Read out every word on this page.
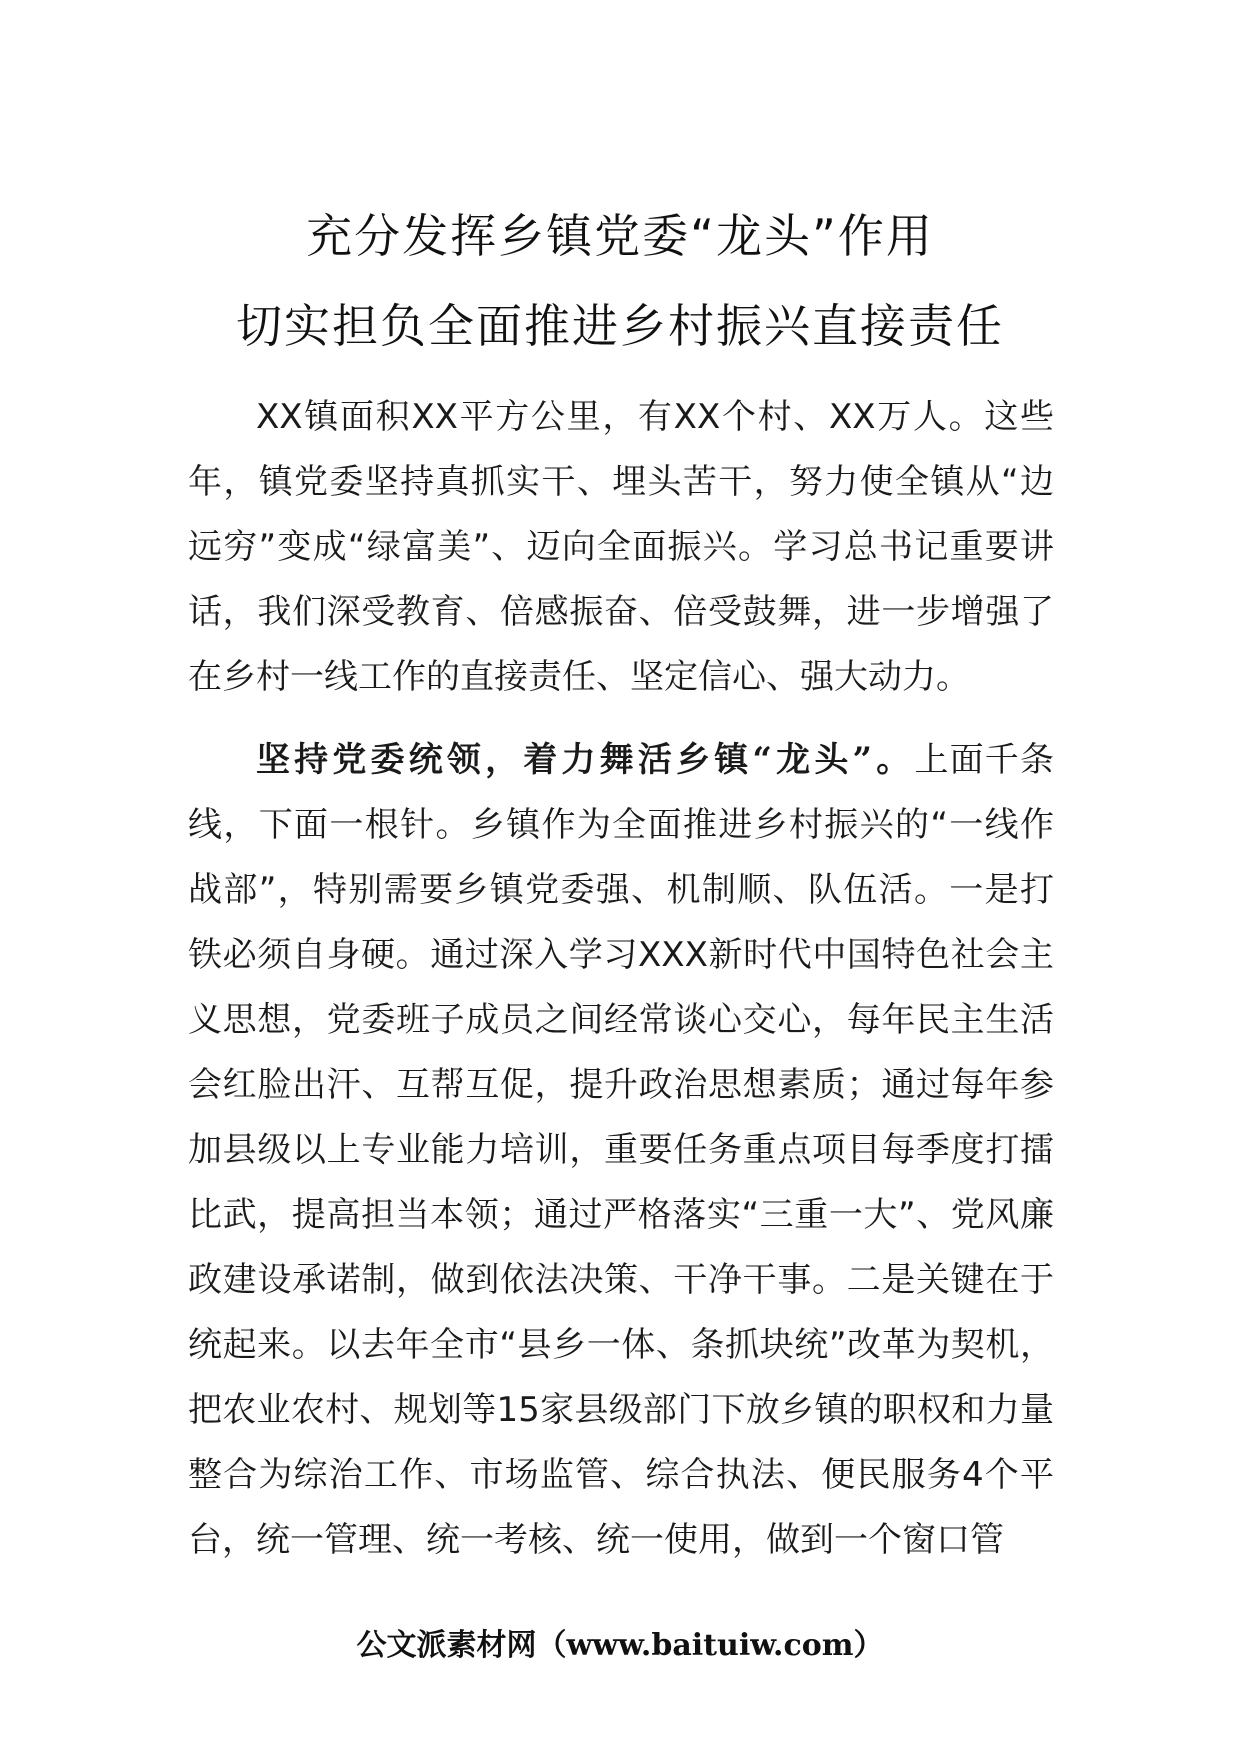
充分发挥乡镇党委“龙头”作用
切实担负全面推进乡村振兴直接责任

XX镇面积XX平方公里，有XX个村、XX万人。这些年，镇党委坚持真抓实干、埋头苦干，努力使全镇从“边远穷”变成“绿富美”、迈向全面振兴。学习总书记重要讲话，我们深受教育、倍感振奋、倍受鼓舞，进一步增强了在乡村一线工作的直接责任、坚定信心、强大动力。

坚持党委统领，着力舞活乡镇“龙头”。上面千条线，下面一根针。乡镇作为全面推进乡村振兴的“一线作战部”，特别需要乡镇党委强、机制顺、队伍活。一是打铁必须自身硬。通过深入学习XXX新时代中国特色社会主义思想，党委班子成员之间经常谈心交心，每年民主生活会红脸出汗、互帮互促，提升政治思想素质；通过每年参加县级以上专业能力培训，重要任务重点项目每季度打擂比武，提高担当本领；通过严格落实“三重一大”、党风廉政建设承诺制，做到依法决策、干净干事。二是关键在于统起来。以去年全市“县乡一体、条抓块统”改革为契机，把农业农村、规划等15家县级部门下放乡镇的职权和力量整合为综治工作、市场监管、综合执法、便民服务4个平台，统一管理、统一考核、统一使用，做到一个窗口管

公文派素材网（www.baituiw.com）
